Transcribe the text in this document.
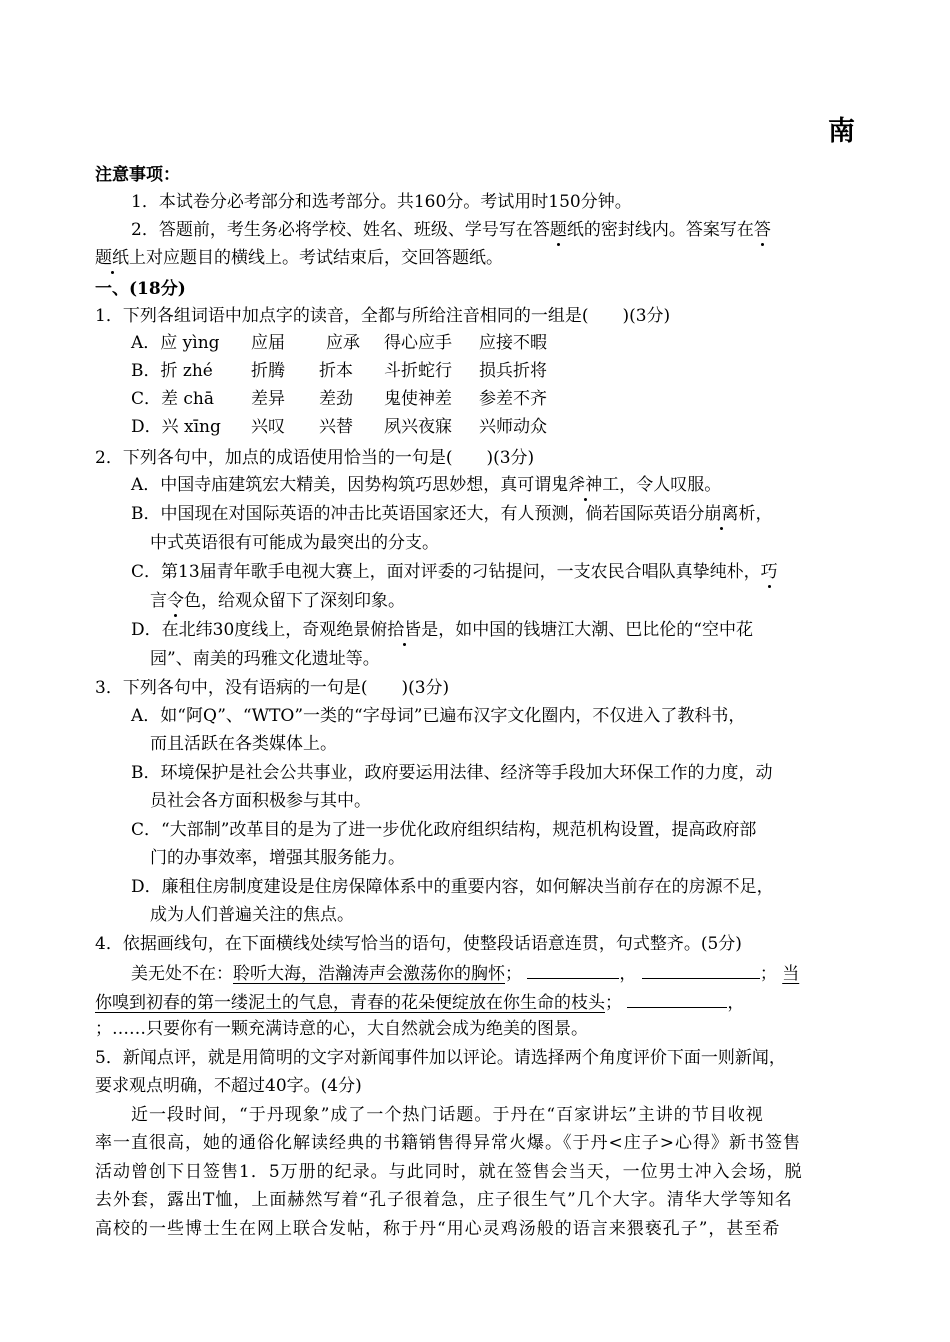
南
注意事项：
1．本试卷分必考部分和选考部分。共160分。考试用时150分钟。
2．答题前，考生务必将学校、姓名、班级、学号写在答题纸的密封线内。答案写在答
题纸上对应题目的横线上。考试结束后，交回答题纸。
一、(18分)
1．下列各组词语中加点字的读音，全都与所给注音相同的一组是(　　)(3分)
A．应 yìng 应届 应承 得心应手 应接不暇
B．折 zhé 折腾 折本 斗折蛇行 损兵折将
C．差 chā 差异 差劲 鬼使神差 参差不齐
D．兴 xīng 兴叹 兴替 夙兴夜寐 兴师动众
2．下列各句中，加点的成语使用恰当的一句是(　　)(3分)
A．中国寺庙建筑宏大精美，因势构筑巧思妙想，真可谓鬼斧神工，令人叹服。
B．中国现在对国际英语的冲击比英语国家还大，有人预测，倘若国际英语分崩离析，
中式英语很有可能成为最突出的分支。
C．第13届青年歌手电视大赛上，面对评委的刁钻提问，一支农民合唱队真挚纯朴，巧
言令色，给观众留下了深刻印象。
D．在北纬30度线上，奇观绝景俯拾皆是，如中国的钱塘江大潮、巴比伦的“空中花
园”、南美的玛雅文化遗址等。
3．下列各句中，没有语病的一句是(　　)(3分)
A．如“阿Q”、“WTO”一类的“字母词”已遍布汉字文化圈内，不仅进入了教科书，
而且活跃在各类媒体上。
B．环境保护是社会公共事业，政府要运用法律、经济等手段加大环保工作的力度，动
员社会各方面积极参与其中。
C．“大部制”改革目的是为了进一步优化政府组织结构，规范机构设置，提高政府部
门的办事效率，增强其服务能力。
D．廉租住房制度建设是住房保障体系中的重要内容，如何解决当前存在的房源不足，
成为人们普遍关注的焦点。
4．依据画线句，在下面横线处续写恰当的语句，使整段话语意连贯，句式整齐。(5分)
美无处不在：聆听大海，浩瀚涛声会激荡你的胸怀；	，	； 当
你嗅到初春的第一缕泥土的气息，青春的花朵便绽放在你生命的枝头；	，
；……只要你有一颗充满诗意的心，大自然就会成为绝美的图景。
5．新闻点评，就是用简明的文字对新闻事件加以评论。请选择两个角度评价下面一则新闻，
要求观点明确，不超过40字。(4分)
近一段时间，“于丹现象”成了一个热门话题。于丹在“百家讲坛”主讲的节目收视
率一直很高，她的通俗化解读经典的书籍销售得异常火爆。《于丹<庄子>心得》新书签售
活动曾创下日签售1．5万册的纪录。与此同时，就在签售会当天，一位男士冲入会场，脱
去外套，露出T恤，上面赫然写着“孔子很着急，庄子很生气”几个大字。清华大学等知名
高校的一些博士生在网上联合发帖，称于丹“用心灵鸡汤般的语言来猥亵孔子”，甚至希
